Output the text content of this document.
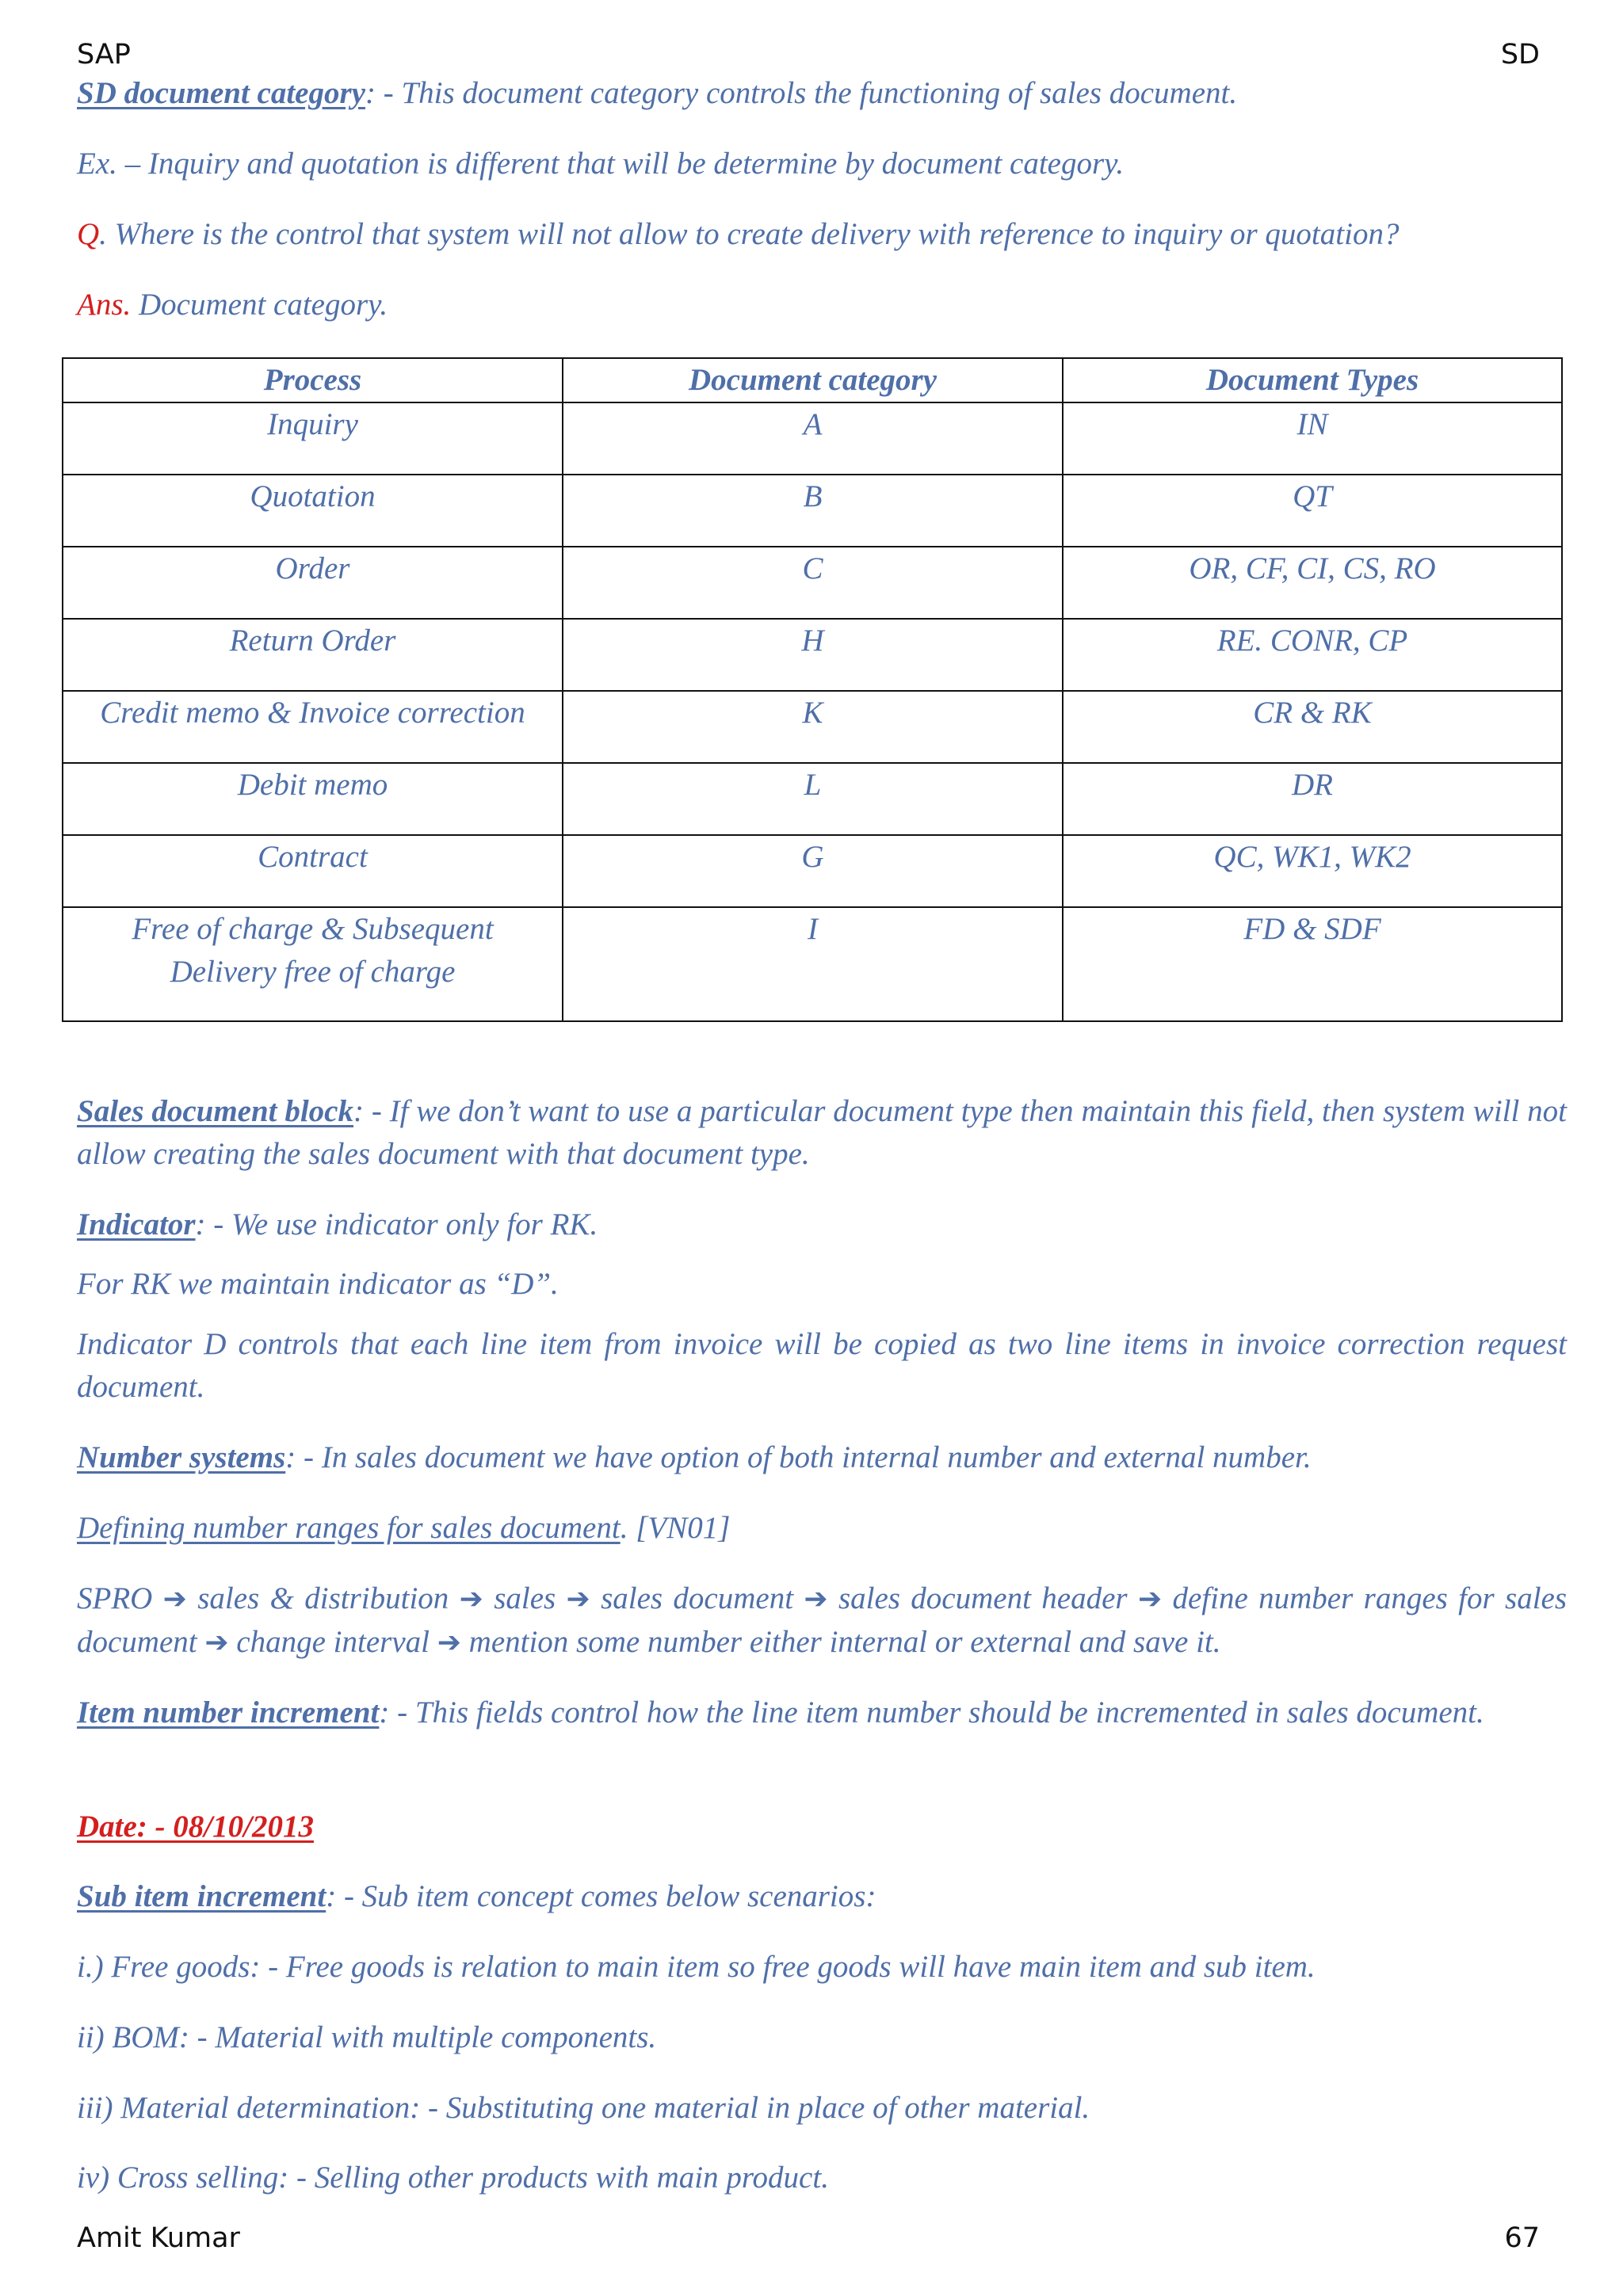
SAP	SD
SD document category: - This document category controls the functioning of sales document.
Ex. – Inquiry and quotation is different that will be determine by document category.
Q. Where is the control that system will not allow to create delivery with reference to inquiry or quotation?
Ans. Document category.
Process	Document category	Document Types
Inquiry	A	IN
Quotation	B	QT
Order	C	OR, CF, CI, CS, RO
Return Order	H	RE. CONR, CP
Credit memo & Invoice correction	K	CR & RK
Debit memo	L	DR
Contract	G	QC, WK1, WK2
Free of charge & Subsequent Delivery free of charge	I	FD & SDF
Sales document block: - If we don’t want to use a particular document type then maintain this field, then system will not allow creating the sales document with that document type.
Indicator: - We use indicator only for RK.
For RK we maintain indicator as “D”.
Indicator D controls that each line item from invoice will be copied as two line items in invoice correction request document.
Number systems: - In sales document we have option of both internal number and external number.
Defining number ranges for sales document. [VN01]
SPRO ➔ sales & distribution ➔ sales ➔ sales document ➔ sales document header ➔ define number ranges for sales document ➔ change interval ➔ mention some number either internal or external and save it.
Item number increment: - This fields control how the line item number should be incremented in sales document.
Date: - 08/10/2013
Sub item increment: - Sub item concept comes below scenarios:
i.) Free goods: - Free goods is relation to main item so free goods will have main item and sub item.
ii) BOM: - Material with multiple components.
iii) Material determination: - Substituting one material in place of other material.
iv) Cross selling: - Selling other products with main product.
Amit Kumar	67
